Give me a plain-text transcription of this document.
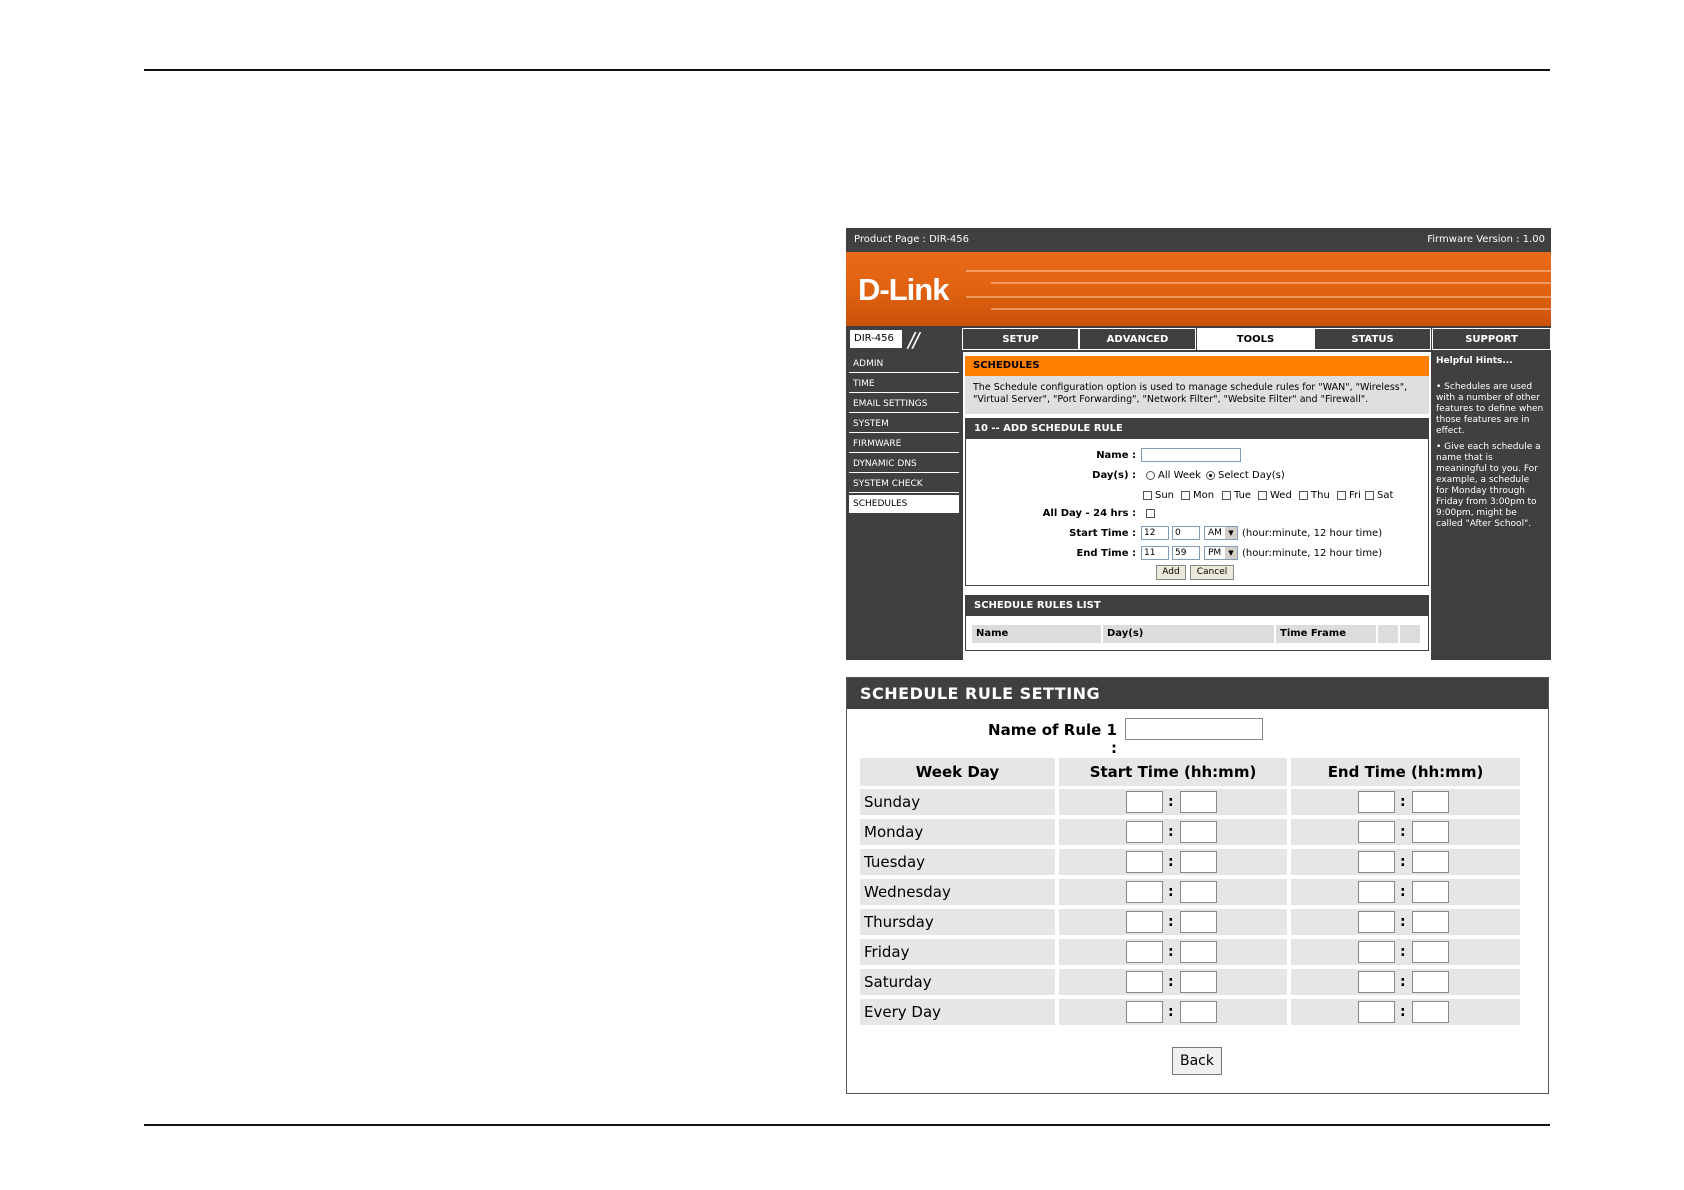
Product Page : DIR-456	Firmware Version : 1.00
D-Link
DIR-456 //	SETUP	ADVANCED	TOOLS	STATUS	SUPPORT
ADMIN
TIME
EMAIL SETTINGS
SYSTEM
FIRMWARE
DYNAMIC DNS
SYSTEM CHECK
SCHEDULES
SCHEDULES
The Schedule configuration option is used to manage schedule rules for "WAN", "Wireless",
"Virtual Server", "Port Forwarding", "Network Filter", "Website Filter" and "Firewall".
10 -- ADD SCHEDULE RULE
Name :
Day(s) : All Week Select Day(s)
Sun Mon Tue Wed Thu Fri Sat
All Day - 24 hrs :
Start Time : 12	0	AM ▼ (hour:minute, 12 hour time)
End Time : 11	59	PM	▼ (hour:minute, 12 hour time)
Add	Cancel
SCHEDULE RULES LIST
Name	Day(s)	Time Frame
Helpful Hints...
• Schedules are used with a number of other features to define when those features are in effect.
• Give each schedule a name that is meaningful to you. For example, a schedule for Monday through Friday from 3:00pm to 9:00pm, might be called "After School".
SCHEDULE RULE SETTING
Name of Rule 1 :
Week Day	Start Time (hh:mm)	End Time (hh:mm)
Sunday	:	:
Monday	:	:
Tuesday	:	:
Wednesday	:	:
Thursday	:	:
Friday	:	:
Saturday	:	:
Every Day	:	:
Back
